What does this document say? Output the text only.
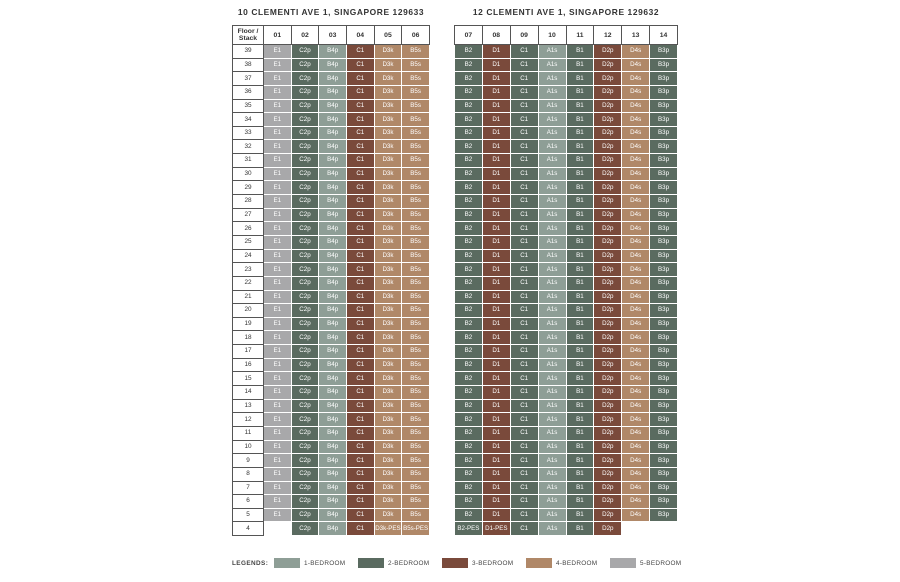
10 CLEMENTI AVE 1, SINGAPORE 129633	12 CLEMENTI AVE 1, SINGAPORE 129632
Floor / Stack	01	02	03	04	05	06
39	E1	C2p	B4p	C1	D3k	B5s
38	E1	C2p	B4p	C1	D3k	B5s
37	E1	C2p	B4p	C1	D3k	B5s
36	E1	C2p	B4p	C1	D3k	B5s
35	E1	C2p	B4p	C1	D3k	B5s
34	E1	C2p	B4p	C1	D3k	B5s
33	E1	C2p	B4p	C1	D3k	B5s
32	E1	C2p	B4p	C1	D3k	B5s
31	E1	C2p	B4p	C1	D3k	B5s
30	E1	C2p	B4p	C1	D3k	B5s
29	E1	C2p	B4p	C1	D3k	B5s
28	E1	C2p	B4p	C1	D3k	B5s
27	E1	C2p	B4p	C1	D3k	B5s
26	E1	C2p	B4p	C1	D3k	B5s
25	E1	C2p	B4p	C1	D3k	B5s
24	E1	C2p	B4p	C1	D3k	B5s
23	E1	C2p	B4p	C1	D3k	B5s
22	E1	C2p	B4p	C1	D3k	B5s
21	E1	C2p	B4p	C1	D3k	B5s
20	E1	C2p	B4p	C1	D3k	B5s
19	E1	C2p	B4p	C1	D3k	B5s
18	E1	C2p	B4p	C1	D3k	B5s
17	E1	C2p	B4p	C1	D3k	B5s
16	E1	C2p	B4p	C1	D3k	B5s
15	E1	C2p	B4p	C1	D3k	B5s
14	E1	C2p	B4p	C1	D3k	B5s
13	E1	C2p	B4p	C1	D3k	B5s
12	E1	C2p	B4p	C1	D3k	B5s
11	E1	C2p	B4p	C1	D3k	B5s
10	E1	C2p	B4p	C1	D3k	B5s
9	E1	C2p	B4p	C1	D3k	B5s
8	E1	C2p	B4p	C1	D3k	B5s
7	E1	C2p	B4p	C1	D3k	B5s
6	E1	C2p	B4p	C1	D3k	B5s
5	E1	C2p	B4p	C1	D3k	B5s
4		C2p	B4p	C1	D3k-PES	B5s-PES
07	08	09	10	11	12	13	14
B2	D1	C1	A1s	B1	D2p	D4s	B3p
B2	D1	C1	A1s	B1	D2p	D4s	B3p
B2	D1	C1	A1s	B1	D2p	D4s	B3p
B2	D1	C1	A1s	B1	D2p	D4s	B3p
B2	D1	C1	A1s	B1	D2p	D4s	B3p
B2	D1	C1	A1s	B1	D2p	D4s	B3p
B2	D1	C1	A1s	B1	D2p	D4s	B3p
B2	D1	C1	A1s	B1	D2p	D4s	B3p
B2	D1	C1	A1s	B1	D2p	D4s	B3p
B2	D1	C1	A1s	B1	D2p	D4s	B3p
B2	D1	C1	A1s	B1	D2p	D4s	B3p
B2	D1	C1	A1s	B1	D2p	D4s	B3p
B2	D1	C1	A1s	B1	D2p	D4s	B3p
B2	D1	C1	A1s	B1	D2p	D4s	B3p
B2	D1	C1	A1s	B1	D2p	D4s	B3p
B2	D1	C1	A1s	B1	D2p	D4s	B3p
B2	D1	C1	A1s	B1	D2p	D4s	B3p
B2	D1	C1	A1s	B1	D2p	D4s	B3p
B2	D1	C1	A1s	B1	D2p	D4s	B3p
B2	D1	C1	A1s	B1	D2p	D4s	B3p
B2	D1	C1	A1s	B1	D2p	D4s	B3p
B2	D1	C1	A1s	B1	D2p	D4s	B3p
B2	D1	C1	A1s	B1	D2p	D4s	B3p
B2	D1	C1	A1s	B1	D2p	D4s	B3p
B2	D1	C1	A1s	B1	D2p	D4s	B3p
B2	D1	C1	A1s	B1	D2p	D4s	B3p
B2	D1	C1	A1s	B1	D2p	D4s	B3p
B2	D1	C1	A1s	B1	D2p	D4s	B3p
B2	D1	C1	A1s	B1	D2p	D4s	B3p
B2	D1	C1	A1s	B1	D2p	D4s	B3p
B2	D1	C1	A1s	B1	D2p	D4s	B3p
B2	D1	C1	A1s	B1	D2p	D4s	B3p
B2	D1	C1	A1s	B1	D2p	D4s	B3p
B2	D1	C1	A1s	B1	D2p	D4s	B3p
B2	D1	C1	A1s	B1	D2p	D4s	B3p
B2-PES	D1-PES	C1	A1s	B1	D2p		
LEGENDS:	1-BEDROOM	2-BEDROOM	3-BEDROOM	4-BEDROOM	5-BEDROOM
